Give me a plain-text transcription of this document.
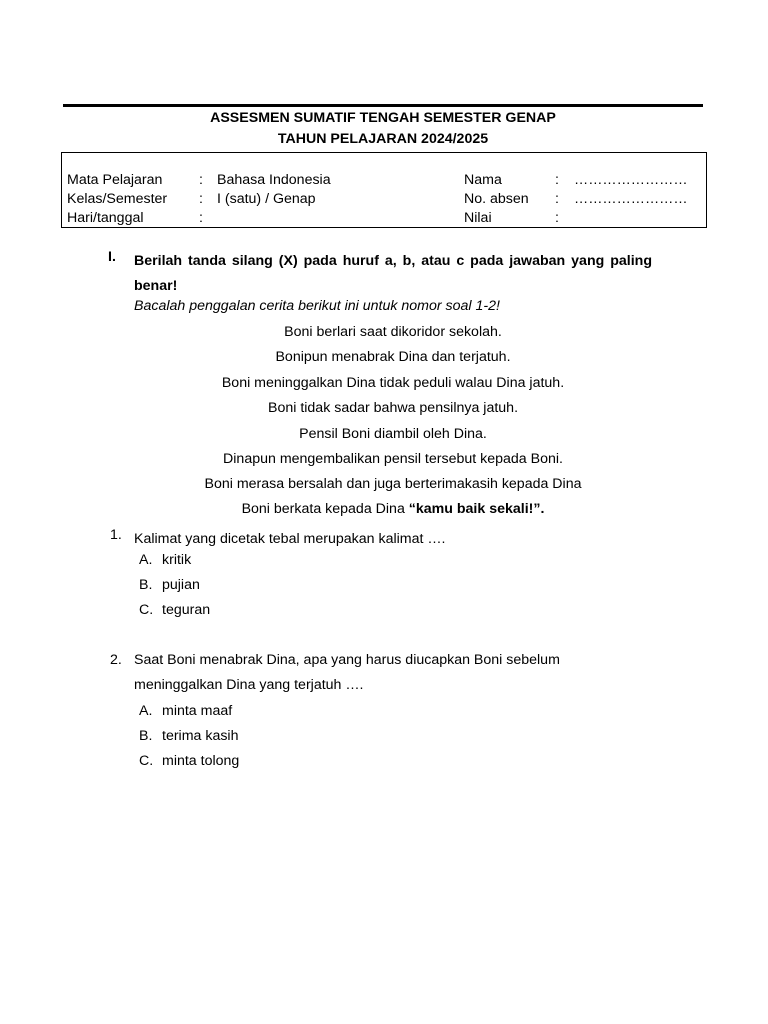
ASSESMEN SUMATIF TENGAH SEMESTER GENAP
TAHUN PELAJARAN 2024/2025
Mata Pelajaran	: Bahasa Indonesia	Nama	: ……………………
Kelas/Semester : I (satu) / Genap	No. absen : ……………………
Hari/tanggal	:	Nilai	:
I. Berilah tanda silang (X) pada huruf a, b, atau c pada jawaban yang paling benar!
Bacalah penggalan cerita berikut ini untuk nomor soal 1-2!
Boni berlari saat dikoridor sekolah.
Bonipun menabrak Dina dan terjatuh.
Boni meninggalkan Dina tidak peduli walau Dina jatuh.
Boni tidak sadar bahwa pensilnya jatuh.
Pensil Boni diambil oleh Dina.
Dinapun mengembalikan pensil tersebut kepada Boni.
Boni merasa bersalah dan juga berterimakasih kepada Dina
Boni berkata kepada Dina “kamu baik sekali!”.
1. Kalimat yang dicetak tebal merupakan kalimat ….
A. kritik
B. pujian
C. teguran
2. Saat Boni menabrak Dina, apa yang harus diucapkan Boni sebelum meninggalkan Dina yang terjatuh ….
A. minta maaf
B. terima kasih
C. minta tolong
